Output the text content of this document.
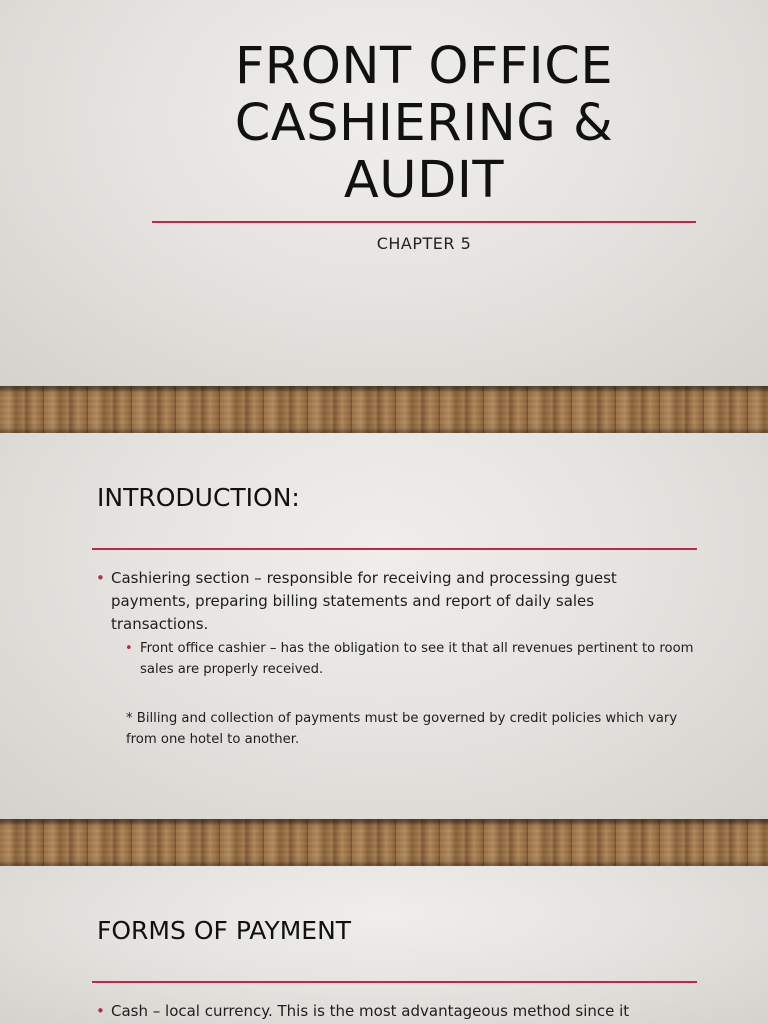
FRONT OFFICE CASHIERING & AUDIT
CHAPTER 5
INTRODUCTION:
• Cashiering section – responsible for receiving and processing guest payments, preparing billing statements and report of daily sales transactions.
• Front office cashier – has the obligation to see it that all revenues pertinent to room sales are properly received.
* Billing and collection of payments must be governed by credit policies which vary from one hotel to another.
FORMS OF PAYMENT
• Cash – local currency. This is the most advantageous method since it
